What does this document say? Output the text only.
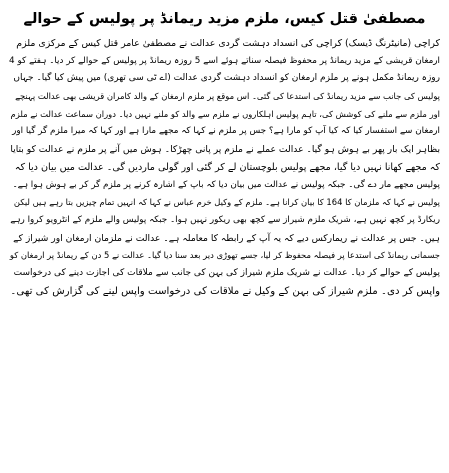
مصطفیٰ قتل کیس، ملزم مزید ریمانڈ پر پولیس کے حوالے
کراچی (مانیٹرنگ ڈیسک) کراچی کی انسداد دہشت گردی عدالت نے مصطفیٰ عامر قتل کیس کے مرکزی ملزم
ارمغان قریشی کے مزید ریمانڈ پر محفوظ فیصلہ سناتے ہوئے اسے 5 روزہ ریمانڈ پر پولیس کے حوالے کر دیا۔ ہفتے کو 4
روزہ ریمانڈ مکمل ہونے پر ملزم ارمغان کو انسداد دہشت گردی عدالت (اے ٹی سی تھری) میں پیش کیا گیا۔ جہاں
پولیس کی جانب سے مزید ریمانڈ کی استدعا کی گئی۔ اس موقع پر ملزم ارمغان کے والد کامران قریشی بھی عدالت پہنچے
اور ملزم سے ملنے کی کوشش کی، تاہم پولیس اہلکاروں نے ملزم سے والد کو ملنے نہیں دیا۔ دوران سماعت عدالت نے ملزم
ارمغان سے استفسار کیا کہ کیا آپ کو مارا ہے؟ جس پر ملزم نے کہا کہ مجھے مارا ہے اور کہا کہ میرا ملزم گر گیا اور
بظاہر ایک بار پھر بے ہوش ہو گیا۔ عدالت عملے نے ملزم پر پانی چھڑکا۔ ہوش میں آنے پر ملزم نے عدالت کو بتایا
کہ مجھے کھانا نہیں دیا گیا، مجھے پولیس بلوچستان لے کر گئی اور گولی ماردیں گی۔ عدالت میں بیان دیا کہ
پولیس مجھے مار دے گی۔ جبکہ پولیس نے عدالت میں بیان دیا کہ باپ کے اشارہ کرنے پر ملزم گر کر بے ہوش ہوا ہے۔
پولیس نے کہا کہ ملزمان کا 164 کا بیان کرانا ہے۔ ملزم کے وکیل خرم عباس نے کہا کہ انہیں تمام چیزیں بتا رہے ہیں لیکن
ریکارڈ پر کچھ نہیں ہے، شریک ملزم شیراز سے کچھ بھی ریکور نہیں ہوا۔ جبکہ پولیس والے ملزم کے انٹرویو کروا رہے
ہیں۔ جس پر عدالت نے ریمارکس دیے کہ یہ آپ کے رابطہ کا معاملہ ہے۔ عدالت نے ملزمان ارمغان اور شیراز کے
جسمانی ریمانڈ کی استدعا پر فیصلہ محفوظ کر لیا، جسے تھوڑی دیر بعد سنا دیا گیا۔ عدالت نے 5 دن کے ریمانڈ پر ارمغان کو
پولیس کے حوالے کر دیا۔ عدالت نے شریک ملزم شیراز کی بہن کی جانب سے ملاقات کی اجازت دینے کی درخواست
واپس کر دی۔ ملزم شیراز کی بہن کے وکیل نے ملاقات کی درخواست واپس لینے کی گزارش کی تھی۔
